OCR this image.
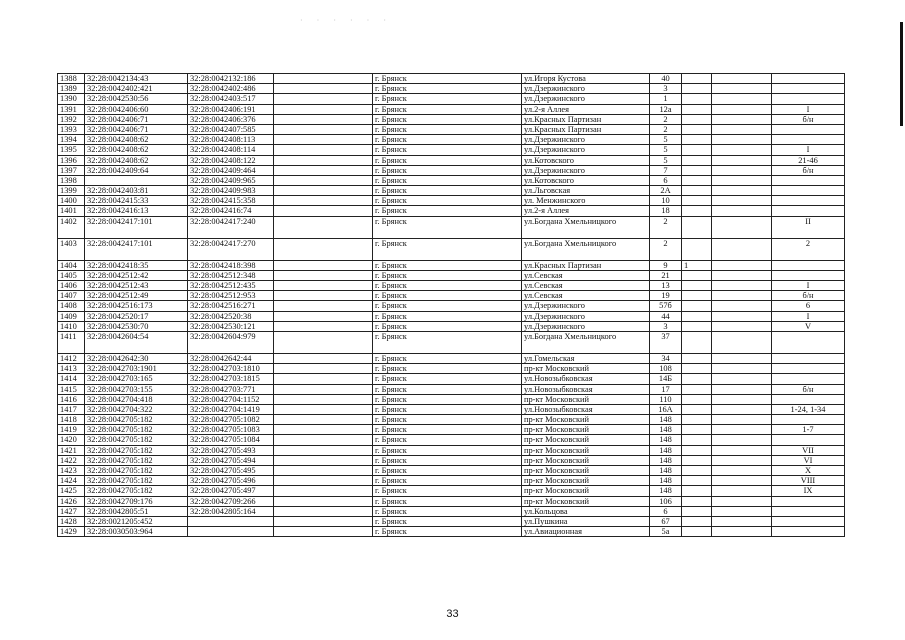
· · · · · ·
1388	32:28:0042134:43	32:28:0042132:186		г. Брянск	ул.Игоря Кустова	40			
1389	32:28:0042402:421	32:28:0042402:486		г. Брянск	ул.Дзержинского	3			
1390	32:28:0042530:56	32:28:0042403:517		г. Брянск	ул.Дзержинского	1			
1391	32:28:0042406:60	32:28:0042406:191		г. Брянск	ул.2-я Аллея	12а			I
1392	32:28:0042406:71	32:28:0042406:376		г. Брянск	ул.Красных Партизан	2			б/н
1393	32:28:0042406:71	32:28:0042407:585		г. Брянск	ул.Красных Партизан	2			
1394	32:28:0042408:62	32:28:0042408:113		г. Брянск	ул.Дзержинского	5			
1395	32:28:0042408:62	32:28:0042408:114		г. Брянск	ул.Дзержинского	5			I
1396	32:28:0042408:62	32:28:0042408:122		г. Брянск	ул.Котовского	5			21-46
1397	32:28:0042409:64	32:28:0042409:464		г. Брянск	ул.Дзержинского	7			б/н
1398		32:28:0042409:965		г. Брянск	ул.Котовского	6			
1399	32:28:0042403:81	32:28:0042409:983		г. Брянск	ул.Льговская	2А			
1400	32:28:0042415:33	32:28:0042415:358		г. Брянск	ул. Менжинского	10			
1401	32:28:0042416:13	32:28:0042416:74		г. Брянск	ул.2-я Аллея	18			
1402	32:28:0042417:101	32:28:0042417:240		г. Брянск	ул.Богдана Хмельницкого	2			II
1403	32:28:0042417:101	32:28:0042417:270		г. Брянск	ул.Богдана Хмельницкого	2			2
1404	32:28:0042418:35	32:28:0042418:398		г. Брянск	ул.Красных Партизан	9	1		
1405	32:28:0042512:42	32:28:0042512:348		г. Брянск	ул.Севская	21			
1406	32:28:0042512:43	32:28:0042512:435		г. Брянск	ул.Севская	13			I
1407	32:28:0042512:49	32:28:0042512:953		г. Брянск	ул.Севская	19			б/н
1408	32:28:0042516:173	32:28:0042516:271		г. Брянск	ул.Дзержинского	57б			6
1409	32:28:0042520:17	32:28:0042520:38		г. Брянск	ул.Дзержинского	44			I
1410	32:28:0042530:70	32:28:0042530:121		г. Брянск	ул.Дзержинского	3			V
1411	32:28:0042604:54	32:28:0042604:979		г. Брянск	ул.Богдана Хмельницкого	37			
1412	32:28:0042642:30	32:28:0042642:44		г. Брянск	ул.Гомельская	34			
1413	32:28:0042703:1901	32:28:0042703:1810		г. Брянск	пр-кт Московский	108			
1414	32:28:0042703:165	32:28:0042703:1815		г. Брянск	ул.Новозыбковская	14Б			
1415	32:28:0042703:155	32:28:0042703:771		г. Брянск	ул.Новозыбковская	17			б/н
1416	32:28:0042704:418	32:28:0042704:1152		г. Брянск	пр-кт Московский	110			
1417	32:28:0042704:322	32:28:0042704:1419		г. Брянск	ул.Новозыбковская	16А			1-24, 1-34
1418	32:28:0042705:182	32:28:0042705:1082		г. Брянск	пр-кт Московский	148			
1419	32:28:0042705:182	32:28:0042705:1083		г. Брянск	пр-кт Московский	148			1-7
1420	32:28:0042705:182	32:28:0042705:1084		г. Брянск	пр-кт Московский	148			
1421	32:28:0042705:182	32:28:0042705:493		г. Брянск	пр-кт Московский	148			VII
1422	32:28:0042705:182	32:28:0042705:494		г. Брянск	пр-кт Московский	148			VI
1423	32:28:0042705:182	32:28:0042705:495		г. Брянск	пр-кт Московский	148			X
1424	32:28:0042705:182	32:28:0042705:496		г. Брянск	пр-кт Московский	148			VIII
1425	32:28:0042705:182	32:28:0042705:497		г. Брянск	пр-кт Московский	148			IX
1426	32:28:0042709:176	32:28:0042709:266		г. Брянск	пр-кт Московский	106			
1427	32:28:0042805:51	32:28:0042805:164		г. Брянск	ул.Кольцова	6			
1428	32:28:0021205:452			г. Брянск	ул.Пушкина	67			
1429	32:28:0030503:964			г. Брянск	ул.Авиационная	5а			
33
